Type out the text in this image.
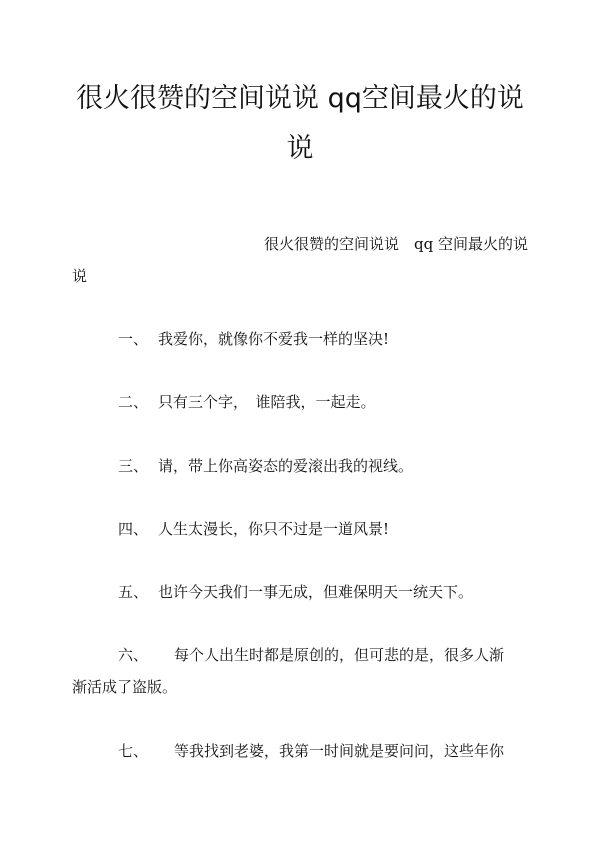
很火很赞的空间说说 qq空间最火的说
说
很火很赞的空间说说　qq 空间最火的说
说
一、 我爱你，就像你不爱我一样的坚决!
二、 只有三个字，　谁陪我，一起走。
三、 请，带上你高姿态的爱滚出我的视线。
四、 人生太漫长，你只不过是一道风景!
五、 也许今天我们一事无成，但难保明天一统天下。
六、 每个人出生时都是原创的，但可悲的是，很多人渐
渐活成了盗版。
七、 等我找到老婆，我第一时间就是要问问，这些年你
